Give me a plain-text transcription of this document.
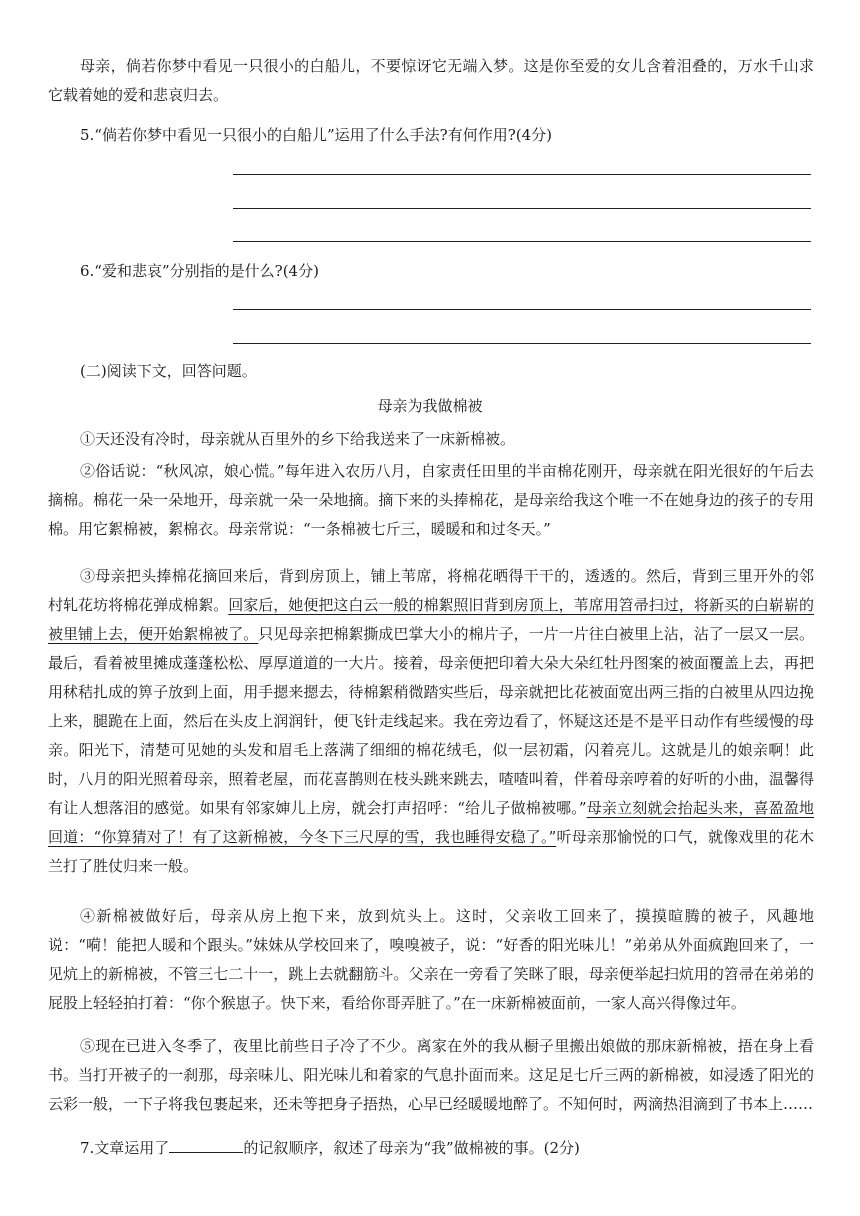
母亲，倘若你梦中看见一只很小的白船儿，不要惊讶它无端入梦。这是你至爱的女儿含着泪叠的，万水千山求它载着她的爱和悲哀归去。
5.“倘若你梦中看见一只很小的白船儿”运用了什么手法?有何作用?(4分)
6.“爱和悲哀”分别指的是什么?(4分)
(二)阅读下文，回答问题。
母亲为我做棉被
①天还没有冷时，母亲就从百里外的乡下给我送来了一床新棉被。
②俗话说：“秋风凉，娘心慌。”每年进入农历八月，自家责任田里的半亩棉花刚开，母亲就在阳光很好的午后去摘棉。棉花一朵一朵地开，母亲就一朵一朵地摘。摘下来的头捧棉花，是母亲给我这个唯一不在她身边的孩子的专用棉。用它絮棉被，絮棉衣。母亲常说：“一条棉被七斤三，暖暖和和过冬天。”
③母亲把头捧棉花摘回来后，背到房顶上，铺上苇席，将棉花晒得干干的，透透的。然后，背到三里开外的邻村轧花坊将棉花弹成棉絮。回家后，她便把这白云一般的棉絮照旧背到房顶上，苇席用笤帚扫过，将新买的白崭崭的被里铺上去，便开始絮棉被了。只见母亲把棉絮撕成巴掌大小的棉片子，一片一片往白被里上沾，沾了一层又一层。最后，看着被里摊成蓬蓬松松、厚厚道道的一大片。接着，母亲便把印着大朵大朵红牡丹图案的被面覆盖上去，再把用秫秸扎成的箅子放到上面，用手摁来摁去，待棉絮稍微踏实些后，母亲就把比花被面宽出两三指的白被里从四边挽上来，腿跪在上面，然后在头皮上润润针，便飞针走线起来。我在旁边看了，怀疑这还是不是平日动作有些缓慢的母亲。阳光下，清楚可见她的头发和眉毛上落满了细细的棉花绒毛，似一层初霜，闪着亮儿。这就是儿的娘亲啊！此时，八月的阳光照着母亲，照着老屋，而花喜鹊则在枝头跳来跳去，喳喳叫着，伴着母亲哼着的好听的小曲，温馨得有让人想落泪的感觉。如果有邻家婶儿上房，就会打声招呼：“给儿子做棉被哪。”母亲立刻就会抬起头来，喜盈盈地回道：“你算猜对了！有了这新棉被，今冬下三尺厚的雪，我也睡得安稳了。”听母亲那愉悦的口气，就像戏里的花木兰打了胜仗归来一般。
④新棉被做好后，母亲从房上抱下来，放到炕头上。这时，父亲收工回来了，摸摸暄腾的被子，风趣地说：“嗬！能把人暖和个跟头。”妹妹从学校回来了，嗅嗅被子，说：“好香的阳光味儿！”弟弟从外面疯跑回来了，一见炕上的新棉被，不管三七二十一，跳上去就翻筋斗。父亲在一旁看了笑眯了眼，母亲便举起扫炕用的笤帚在弟弟的屁股上轻轻拍打着：“你个猴崽子。快下来，看给你哥弄脏了。”在一床新棉被面前，一家人高兴得像过年。
⑤现在已进入冬季了，夜里比前些日子冷了不少。离家在外的我从橱子里搬出娘做的那床新棉被，捂在身上看书。当打开被子的一刹那，母亲味儿、阳光味儿和着家的气息扑面而来。这足足七斤三两的新棉被，如浸透了阳光的云彩一般，一下子将我包裹起来，还未等把身子捂热，心早已经暖暖地醉了。不知何时，两滴热泪滴到了书本上……
7.文章运用了	的记叙顺序，叙述了母亲为“我”做棉被的事。(2分)
